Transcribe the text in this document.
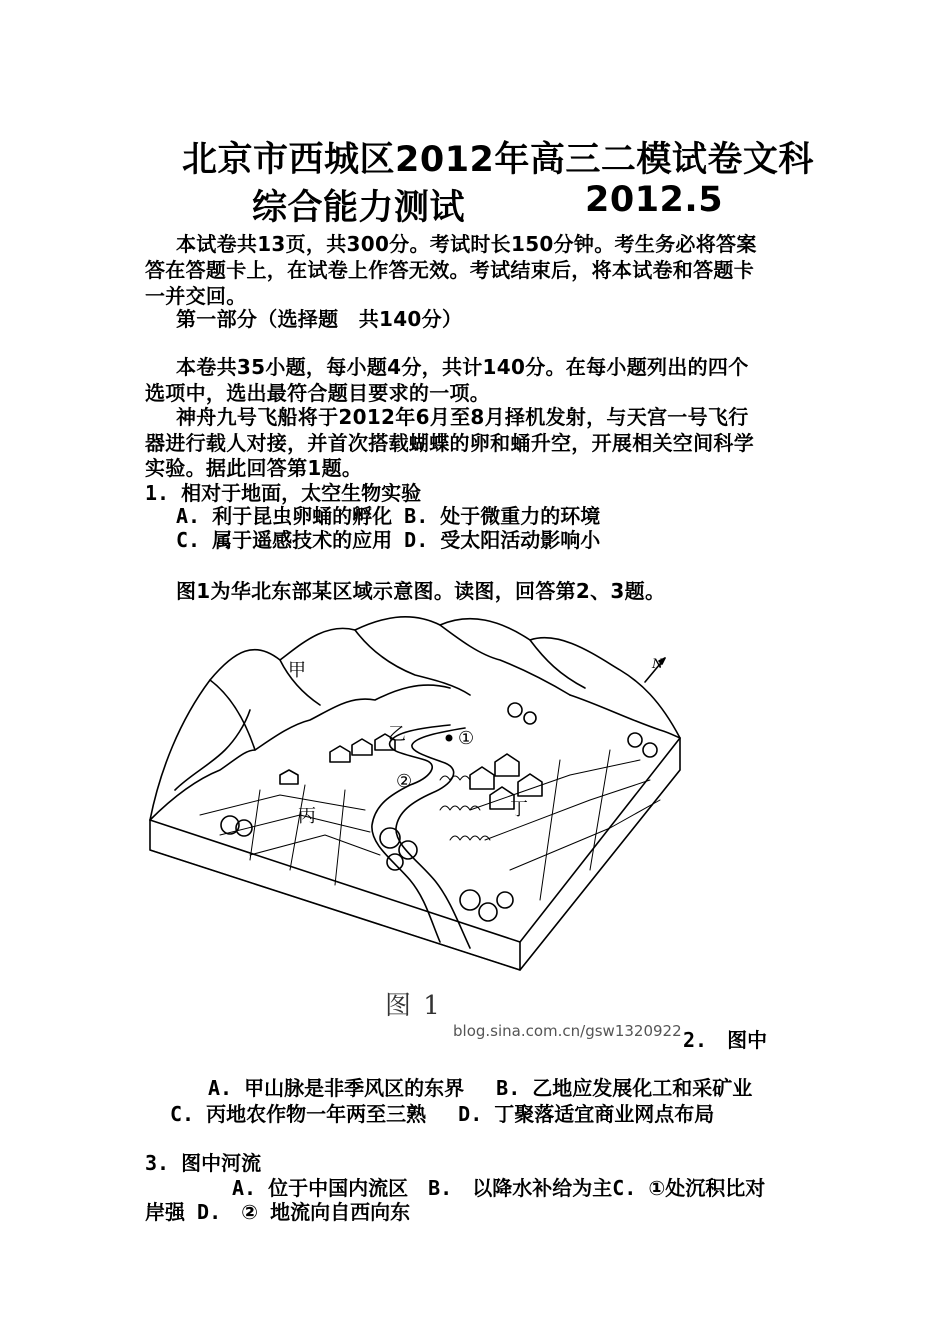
北京市西城区2012年高三二模试卷文科
综合能力测试	2012.5
本试卷共13页，共300分。考试时长150分钟。考生务必将答案
答在答题卡上，在试卷上作答无效。考试结束后，将本试卷和答题卡
一并交回。
第一部分（选择题　共140分）
本卷共35小题，每小题4分，共计140分。在每小题列出的四个
选项中，选出最符合题目要求的一项。
神舟九号飞船将于2012年6月至8月择机发射，与天宫一号飞行
器进行载人对接，并首次搭载蝴蝶的卵和蛹升空，开展相关空间科学
实验。据此回答第1题。
1. 相对于地面，太空生物实验
A. 利于昆虫卵蛹的孵化 B. 处于微重力的环境
C. 属于遥感技术的应用 D. 受太阳活动影响小
图1为华北东部某区域示意图。读图，回答第2、3题。
甲
乙
丙	丁
①
②
N
图 1
blog.sina.com.cn/gsw1320922 2.　图中
A. 甲山脉是非季风区的东界　 B. 乙地应发展化工和采矿业
C. 丙地农作物一年两至三熟　 D. 丁聚落适宜商业网点布局
3. 图中河流
A. 位于中国内流区　B.　以降水补给为主C. ①处沉积比对
岸强 D.　② 地流向自西向东
